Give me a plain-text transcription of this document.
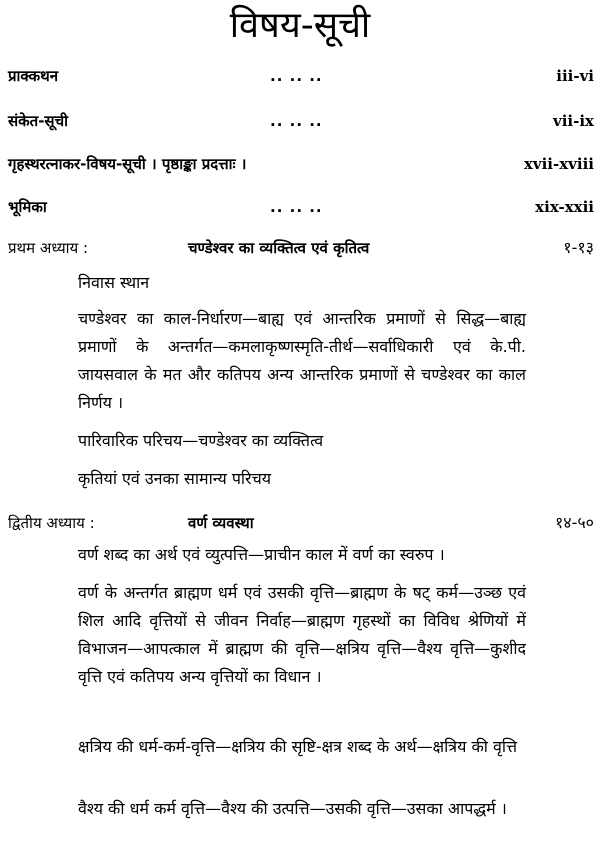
विषय-सूची
प्राक्कथन	.. .. ..	iii-vi
संकेत-सूची	.. .. ..	vii-ix
गृहस्थरत्नाकर-विषय-सूची । पृष्ठाङ्का प्रदत्ताः ।	xvii-xviii
भूमिका	.. .. ..	xix-xxii
प्रथम अध्याय :	चण्डेश्वर का व्यक्तित्व एवं कृतित्व	१-१३
निवास स्थान
चण्डेश्वर का काल-निर्धारण—बाह्य एवं आन्तरिक प्रमाणों से सिद्ध—बाह्य प्रमाणों के अन्तर्गत—कमलाकृष्णस्मृति-तीर्थ—सर्वाधिकारी एवं के.पी. जायसवाल के मत और कतिपय अन्य आन्तरिक प्रमाणों से चण्डेश्वर का काल निर्णय ।
पारिवारिक परिचय—चण्डेश्वर का व्यक्तित्व
कृतियां एवं उनका सामान्य परिचय
द्वितीय अध्याय :	वर्ण व्यवस्था	१४-५०
वर्ण शब्द का अर्थ एवं व्युत्पत्ति—प्राचीन काल में वर्ण का स्वरुप ।
वर्ण के अन्तर्गत ब्राह्मण धर्म एवं उसकी वृत्ति—ब्राह्मण के षट् कर्म—उञ्छ एवं शिल आदि वृत्तियों से जीवन निर्वाह—ब्राह्मण गृहस्थों का विविध श्रेणियों में विभाजन—आपत्काल में ब्राह्मण की वृत्ति—क्षत्रिय वृत्ति—वैश्य वृत्ति—कुशीद वृत्ति एवं कतिपय अन्य वृत्तियों का विधान ।
क्षत्रिय की धर्म-कर्म-वृत्ति—क्षत्रिय की सृष्टि-क्षत्र शब्द के अर्थ—क्षत्रिय की वृत्ति
वैश्य की धर्म कर्म वृत्ति—वैश्य की उत्पत्ति—उसकी वृत्ति—उसका आपद्धर्म ।
